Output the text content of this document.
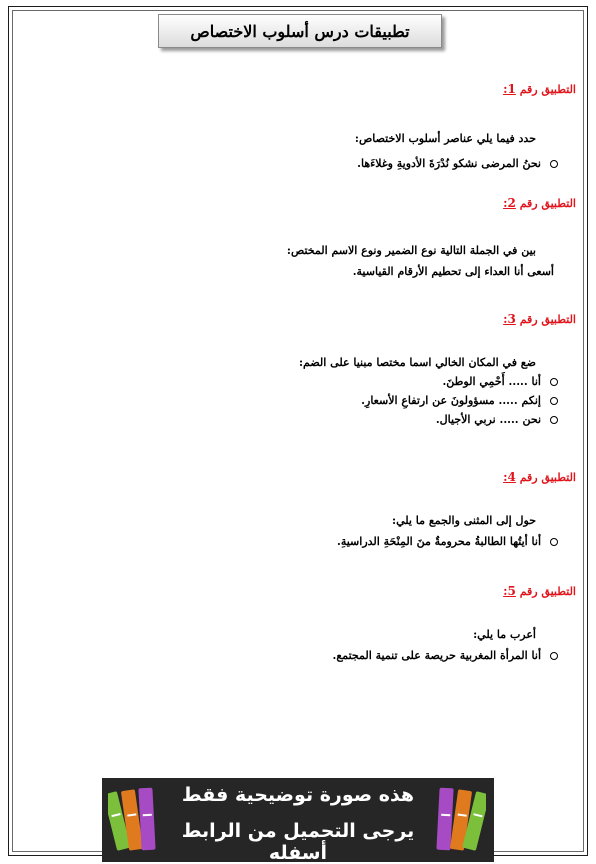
تطبيقات درس أسلوب الاختصاص
التطبيق رقم 1:
حدد فيما يلي عناصر أسلوب الاختصاص:
نحنُ المرضى نشكو نُدْرَةَ الأدويةِ وغلاءَها.
التطبيق رقم 2:
بين في الجملة التالية نوع الضمير ونوع الاسم المختص:
أسعى أنا العداء إلى تحطيم الأرقام القياسية.
التطبيق رقم 3:
ضع في المكان الخالي اسما مختصا مبنيا على الضم:
أنا ..... أَحْمِي الوطنَ.
إنكم ..... مسؤولونَ عن ارتفاعِ الأسعارِ.
نحن ..... نربي الأجيال.
التطبيق رقم 4:
حول إلى المثنى والجمع ما يلي:
أنا أيتُها الطالبةُ محرومةٌ منَ المِنْحَةِ الدراسيةِ.
التطبيق رقم 5:
أعرب ما يلي:
أنا المرأة المغربية حريصة على تنمية المجتمع.
هذه صورة توضيحية فقط
يرجى التحميل من الرابط أسفله
